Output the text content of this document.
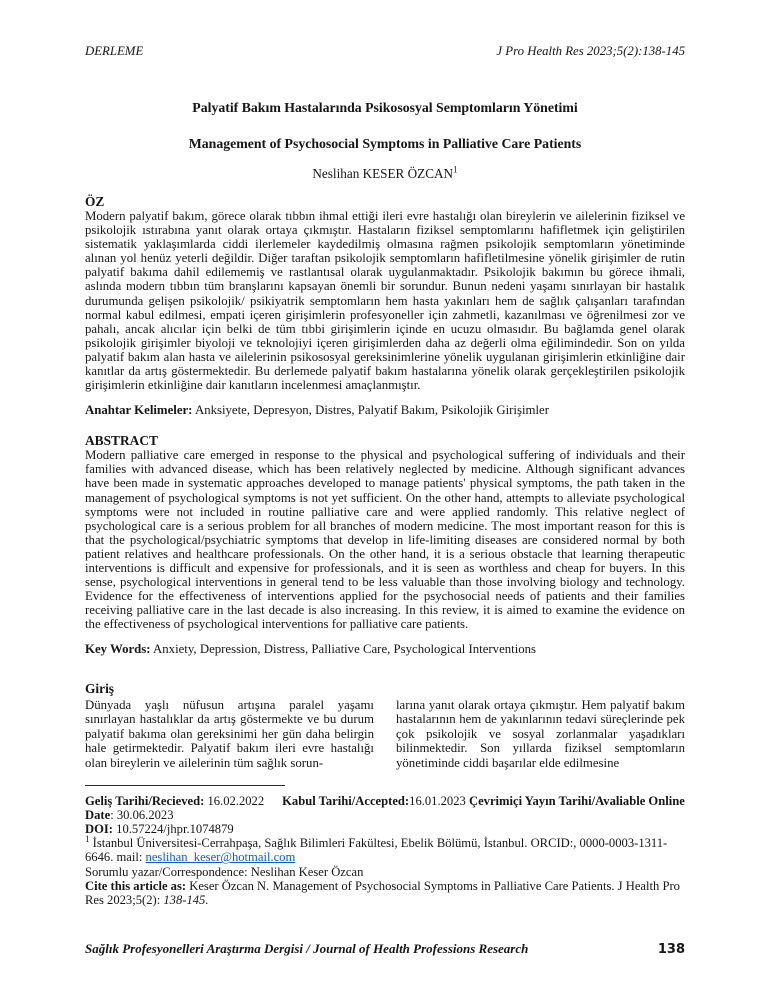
DERLEME	J Pro Health Res 2023;5(2):138-145
Palyatif Bakım Hastalarında Psikososyal Semptomların Yönetimi
Management of Psychosocial Symptoms in Palliative Care Patients
Neslihan KESER ÖZCAN$^1$
ÖZ
Modern palyatif bakım, görece olarak tıbbın ihmal ettiği ileri evre hastalığı olan bireylerin ve ailelerinin fiziksel ve psikolojik ıstırabına yanıt olarak ortaya çıkmıştır. Hastaların fiziksel semptomlarını hafifletmek için geliştirilen sistematik yaklaşımlarda ciddi ilerlemeler kaydedilmiş olmasına rağmen psikolojik semptomların yönetiminde alınan yol henüz yeterli değildir. Diğer taraftan psikolojik semptomların hafifletilmesine yönelik girişimler de rutin palyatif bakıma dahil edilememiş ve rastlantısal olarak uygulanmaktadır. Psikolojik bakımın bu görece ihmali, aslında modern tıbbın tüm branşlarını kapsayan önemli bir sorundur. Bunun nedeni yaşamı sınırlayan bir hastalık durumunda gelişen psikolojik/ psikiyatrik semptomların hem hasta yakınları hem de sağlık çalışanları tarafından normal kabul edilmesi, empati içeren girişimlerin profesyoneller için zahmetli, kazanılması ve öğrenilmesi zor ve pahalı, ancak alıcılar için belki de tüm tıbbi girişimlerin içinde en ucuzu olmasıdır. Bu bağlamda genel olarak psikolojik girişimler biyoloji ve teknolojiyi içeren girişimlerden daha az değerli olma eğilimindedir. Son on yılda palyatif bakım alan hasta ve ailelerinin psikososyal gereksinimlerine yönelik uygulanan girişimlerin etkinliğine dair kanıtlar da artış göstermektedir. Bu derlemede palyatif bakım hastalarına yönelik olarak gerçekleştirilen psikolojik girişimlerin etkinliğine dair kanıtların incelenmesi amaçlanmıştır.
Anahtar Kelimeler: Anksiyete, Depresyon, Distres, Palyatif Bakım, Psikolojik Girişimler
ABSTRACT
Modern palliative care emerged in response to the physical and psychological suffering of individuals and their families with advanced disease, which has been relatively neglected by medicine. Although significant advances have been made in systematic approaches developed to manage patients' physical symptoms, the path taken in the management of psychological symptoms is not yet sufficient. On the other hand, attempts to alleviate psychological symptoms were not included in routine palliative care and were applied randomly. This relative neglect of psychological care is a serious problem for all branches of modern medicine. The most important reason for this is that the psychological/psychiatric symptoms that develop in life-limiting diseases are considered normal by both patient relatives and healthcare professionals. On the other hand, it is a serious obstacle that learning therapeutic interventions is difficult and expensive for professionals, and it is seen as worthless and cheap for buyers. In this sense, psychological interventions in general tend to be less valuable than those involving biology and technology. Evidence for the effectiveness of interventions applied for the psychosocial needs of patients and their families receiving palliative care in the last decade is also increasing. In this review, it is aimed to examine the evidence on the effectiveness of psychological interventions for palliative care patients.
Key Words: Anxiety, Depression, Distress, Palliative Care, Psychological Interventions
Giriş
Dünyada yaşlı nüfusun artışına paralel yaşamı sınırlayan hastalıklar da artış göstermekte ve bu durum palyatif bakıma olan gereksinimi her gün daha belirgin hale getirmektedir. Palyatif bakım ileri evre hastalığı olan bireylerin ve ailelerinin tüm sağlık sorun-
larına yanıt olarak ortaya çıkmıştır. Hem palyatif bakım hastalarının hem de yakınlarının tedavi süreçlerinde pek çok psikolojik ve sosyal zorlanmalar yaşadıkları bilinmektedir. Son yıllarda fiziksel semptomların yönetiminde ciddi başarılar elde edilmesine
Geliş Tarihi/Recieved: 16.02.2022 Kabul Tarihi/Accepted:16.01.2023 Çevrimiçi Yayın Tarihi/Avaliable Online Date: 30.06.2023
DOI: 10.57224/jhpr.1074879
$^1$ İstanbul Üniversitesi-Cerrahpaşa, Sağlık Bilimleri Fakültesi, Ebelik Bölümü, İstanbul. ORCID:, 0000-0003-1311-6646. mail: neslihan_keser@hotmail.com
Sorumlu yazar/Correspondence: Neslihan Keser Özcan
Cite this article as: Keser Özcan N. Management of Psychosocial Symptoms in Palliative Care Patients. J Health Pro Res 2023;5(2): 138-145.
Sağlık Profesyonelleri Araştırma Dergisi / Journal of Health Professions Research	138
